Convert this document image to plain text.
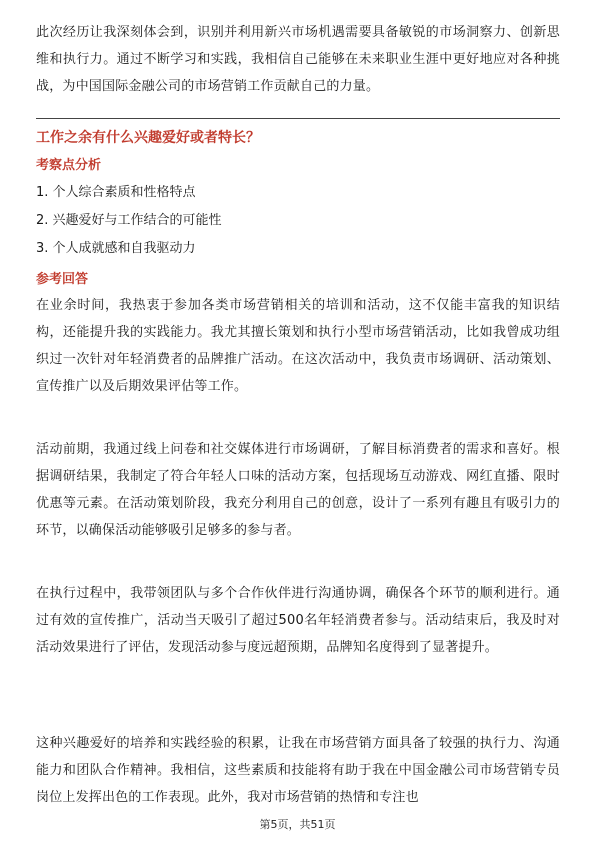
此次经历让我深刻体会到，识别并利用新兴市场机遇需要具备敏锐的市场洞察力、创新思维和执行力。通过不断学习和实践，我相信自己能够在未来职业生涯中更好地应对各种挑战，为中国国际金融公司的市场营销工作贡献自己的力量。

工作之余有什么兴趣爱好或者特长？

考察点分析

1. 个人综合素质和性格特点

2. 兴趣爱好与工作结合的可能性

3. 个人成就感和自我驱动力

参考回答

在业余时间，我热衷于参加各类市场营销相关的培训和活动，这不仅能丰富我的知识结构，还能提升我的实践能力。我尤其擅长策划和执行小型市场营销活动，比如我曾成功组织过一次针对年轻消费者的品牌推广活动。在这次活动中，我负责市场调研、活动策划、宣传推广以及后期效果评估等工作。

活动前期，我通过线上问卷和社交媒体进行市场调研，了解目标消费者的需求和喜好。根据调研结果，我制定了符合年轻人口味的活动方案，包括现场互动游戏、网红直播、限时优惠等元素。在活动策划阶段，我充分利用自己的创意，设计了一系列有趣且有吸引力的环节，以确保活动能够吸引足够多的参与者。

在执行过程中，我带领团队与多个合作伙伴进行沟通协调，确保各个环节的顺利进行。通过有效的宣传推广，活动当天吸引了超过500名年轻消费者参与。活动结束后，我及时对活动效果进行了评估，发现活动参与度远超预期，品牌知名度得到了显著提升。

这种兴趣爱好的培养和实践经验的积累，让我在市场营销方面具备了较强的执行力、沟通能力和团队合作精神。我相信，这些素质和技能将有助于我在中国金融公司市场营销专员岗位上发挥出色的工作表现。此外，我对市场营销的热情和专注也

第5页，共51页
